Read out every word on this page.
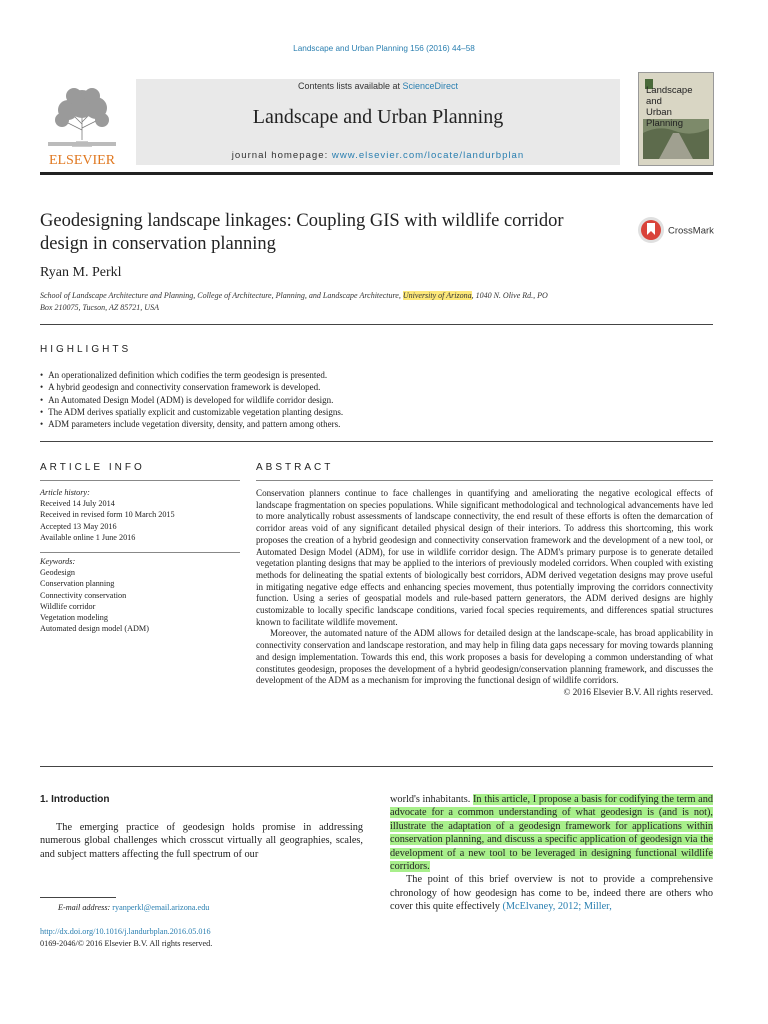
Landscape and Urban Planning 156 (2016) 44–58
Contents lists available at ScienceDirect
Landscape and Urban Planning
journal homepage: www.elsevier.com/locate/landurbplan
ELSEVIER
Landscape and
Urban Planning
Geodesigning landscape linkages: Coupling GIS with wildlife corridor
design in conservation planning
CrossMark
Ryan M. Perkl
School of Landscape Architecture and Planning, College of Architecture, Planning, and Landscape Architecture, University of Arizona, 1040 N. Olive Rd., PO
Box 210075, Tucson, AZ 85721, USA
HIGHLIGHTS
• An operationalized definition which codifies the term geodesign is presented.
• A hybrid geodesign and connectivity conservation framework is developed.
• An Automated Design Model (ADM) is developed for wildlife corridor design.
• The ADM derives spatially explicit and customizable vegetation planting designs.
• ADM parameters include vegetation diversity, density, and pattern among others.
ARTICLE INFO
Article history:
Received 14 July 2014
Received in revised form 10 March 2015
Accepted 13 May 2016
Available online 1 June 2016
Keywords:
Geodesign
Conservation planning
Connectivity conservation
Wildlife corridor
Vegetation modeling
Automated design model (ADM)
ABSTRACT

Conservation planners continue to face challenges in quantifying and ameliorating the negative ecological effects of landscape fragmentation on species populations. While significant methodological and technological advancements have led to more analytically robust assessments of landscape connectivity, the end result of these efforts is often the demarcation of corridor areas void of any significant detailed physical design of their interiors. To address this shortcoming, this work proposes the creation of a hybrid geodesign and connectivity conservation framework and the development of a new tool, or Automated Design Model (ADM), for use in wildlife corridor design. The ADM's primary purpose is to generate detailed vegetation planting designs that may be applied to the interiors of previously modeled corridors. When coupled with existing methods for delineating the spatial extents of biologically best corridors, ADM derived vegetation designs may prove useful in mitigating negative edge effects and enhancing species movement, thus potentially improving the corridors connectivity function. Using a series of geospatial models and rule-based pattern generators, the ADM derived designs are highly customizable to locally specific landscape conditions, varied focal species requirements, and differences spatial structures known to facilitate wildlife movement.

Moreover, the automated nature of the ADM allows for detailed design at the landscape-scale, has broad applicability in connectivity conservation and landscape restoration, and may help in filing data gaps necessary for moving towards planning and design implementation. Towards this end, this work proposes a basis for developing a common understanding of what constitutes geodesign, proposes the development of a hybrid geodesign/conservation planning framework, and discusses the development of the ADM as a mechanism for improving the functional design of wildlife corridors.

© 2016 Elsevier B.V. All rights reserved.

1. Introduction
The emerging practice of geodesign holds promise in addressing numerous global challenges which crosscut virtually all geographies, scales, and subject matters affecting the full spectrum of our

world's inhabitants. In this article, I propose a basis for codifying the term and advocate for a common understanding of what geodesign is (and is not), illustrate the adaptation of a geodesign framework for applications within conservation planning, and discuss a specific application of geodesign via the development of a new tool to be leveraged in designing functional wildlife corridors.

The point of this brief overview is not to provide a comprehensive chronology of how geodesign has come to be, indeed there are others who cover this quite effectively (McElvaney, 2012; Miller,

E-mail address: ryanperkl@email.arizona.edu
http://dx.doi.org/10.1016/j.landurbplan.2016.05.016
0169-2046/© 2016 Elsevier B.V. All rights reserved.
